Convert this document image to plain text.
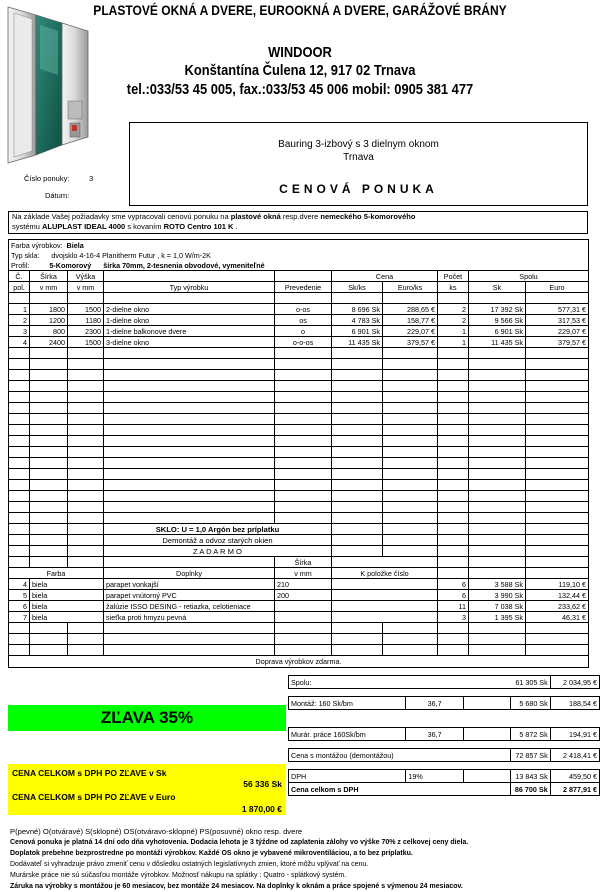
PLASTOVÉ OKNÁ A DVERE, EUROOKNÁ A DVERE, GARÁŽOVÉ BRÁNY
WINDOOR
Konštantína Čulena 12, 917 02 Trnava
tel.:033/53 45 005, fax.:033/53 45 006 mobil: 0905 381 477
Bauring 3-izbový s 3 dielnym oknom
Trnava
CENOVÁ PONUKA
Číslo ponuky:	3
Dátum:
Na základe Vašej požiadavky sme vypracovali cenovú ponuku na plastové okná resp.dvere nemeckého 5-komorového
systému ALUPLAST IDEAL 4000 s kovaním ROTO Centro 101 K .
Farba výrobkov: Biela									
Typ skla: dvojsklo 4-16-4 Planitherm Futur , k = 1,0 W/m-2K									
Profil: 5-Komorový šírka 70mm, 2-tesnenia obvodové, vymeniteľné									
Č.	Šírka	Výška			Cena		Počet	Spolu	
pol.	v mm	v mm	Typ výrobku	Prevedenie	Sk/ks	Euro/ks	ks	Sk	Euro

1	1800	1500	2-dielne okno	o-os	8 696 Sk	288,65 €	2	17 392 Sk	577,31 €
2	1200	1180	1-dielne okno	os	4 783 Sk	158,77 €	2	9 566 Sk	317,53 €
3	800	2300	1-dielne balkonove dvere	o	6 901 Sk	229,07 €	1	6 901 Sk	229,07 €
4	2400	1500	3-dielne okno	o-o-os	11 435 Sk	379,57 €	1	11 435 Sk	379,57 €

			SKLO: U = 1,0 Argón bez príplatku						
			Demontáž a odvoz starých okien						
			Z A D A R M O						
				Šírka					
Farba			Doplnky	v mm	K položke číslo				
4	biela		parapet vonkajší	210			6	3 588 Sk	119,10 €
5	biela		parapet vnútorný PVC	200			6	3 990 Sk	132,44 €
6	biela		žalúzie ISSO DESING - retiazka, celotieniace				11	7 038 Sk	233,62 €
7	biela		sieťka proti hmyzu pevná				3	1 395 Sk	46,31 €

Doprava výrobkov zdarma.									
Spolu:			61 305 Sk	2 034,95 €

Montáž: 160 Sk/bm	36,7		5 680 Sk	188,54 €

Murár. práce 160Sk/bm	36,7		5 872 Sk	194,91 €

Cena s montážou (demontážou)			72 857 Sk	2 418,41 €

DPH	19%		13 843 Sk	459,50 €
Cena celkom s DPH			86 700 Sk	2 877,91 €
ZĽAVA 35%
CENA CELKOM s DPH PO ZĽAVE v Sk
56 336 Sk
CENA CELKOM s DPH PO ZĽAVE v Euro
1 870,00 €
P(pevné) O(otváravé) S(sklopné) OS(otváravo-sklopné) PS(posuvné) okno resp. dvere
Cenová ponuka je platná 14 dní odo dňa vyhotovenia. Dodacia lehota je 3 týždne od zaplatenia zálohy vo výške 70% z celkovej ceny diela.
Doplatok prebehne bezprostredne po montáži výrobkov. Každé OS okno je vybavené mikroventiláciou, a to bez príplatku.
Dodávateľ si vyhradzuje právo zmeniť cenu v dôsledku ostatných legislatívnych zmien, ktoré môžu vplývať na cenu.
Murárske práce nie sú súčasťou montáže výrobkov. Možnosť nákupu na splátky : Quatro - splátkový systém.
Záruka na výrobky s montážou je 60 mesiacov, bez montáže 24 mesiacov. Na doplnky k oknám a práce spojené s výmenou 24 mesiacov.
